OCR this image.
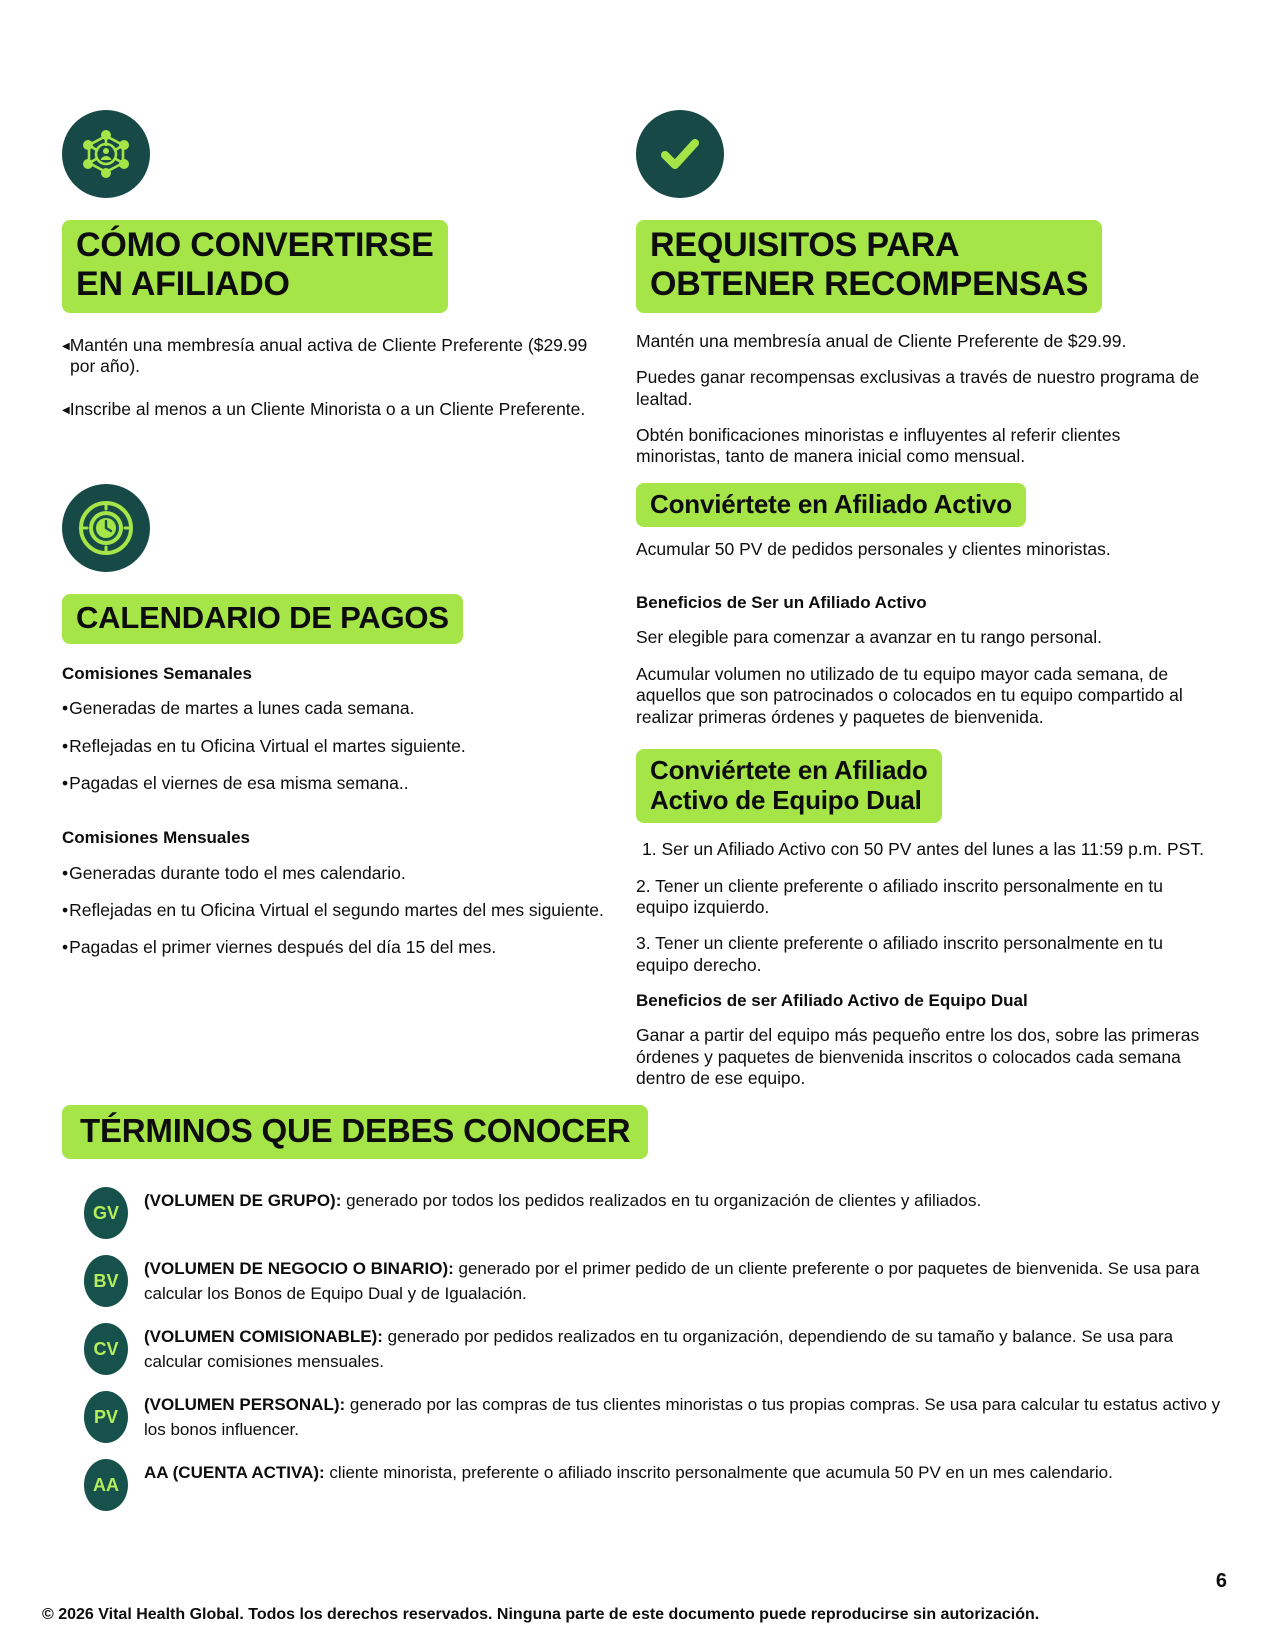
CÓMO CONVERTIRSE
EN AFILIADO
◀ Mantén una membresía anual activa de Cliente Preferente ($29.99 por año).
◀ Inscribe al menos a un Cliente Minorista o a un Cliente Preferente.
CALENDARIO DE PAGOS
Comisiones Semanales
• Generadas de martes a lunes cada semana.
• Reflejadas en tu Oficina Virtual el martes siguiente.
• Pagadas el viernes de esa misma semana..
Comisiones Mensuales
• Generadas durante todo el mes calendario.
• Reflejadas en tu Oficina Virtual el segundo martes del mes siguiente.
• Pagadas el primer viernes después del día 15 del mes.
REQUISITOS PARA
OBTENER RECOMPENSAS
Mantén una membresía anual de Cliente Preferente de $29.99.
Puedes ganar recompensas exclusivas a través de nuestro programa de lealtad.
Obtén bonificaciones minoristas e influyentes al referir clientes minoristas, tanto de manera inicial como mensual.
Conviértete en Afiliado Activo
Acumular 50 PV de pedidos personales y clientes minoristas.
Beneficios de Ser un Afiliado Activo
Ser elegible para comenzar a avanzar en tu rango personal.
Acumular volumen no utilizado de tu equipo mayor cada semana, de aquellos que son patrocinados o colocados en tu equipo compartido al realizar primeras órdenes y paquetes de bienvenida.
Conviértete en Afiliado
Activo de Equipo Dual
1. Ser un Afiliado Activo con 50 PV antes del lunes a las 11:59 p.m. PST.
2. Tener un cliente preferente o afiliado inscrito personalmente en tu equipo izquierdo.
3. Tener un cliente preferente o afiliado inscrito personalmente en tu equipo derecho.
Beneficios de ser Afiliado Activo de Equipo Dual
Ganar a partir del equipo más pequeño entre los dos, sobre las primeras órdenes y paquetes de bienvenida inscritos o colocados cada semana dentro de ese equipo.
TÉRMINOS QUE DEBES CONOCER
GV
(VOLUMEN DE GRUPO): generado por todos los pedidos realizados en tu organización de clientes y afiliados.
BV
(VOLUMEN DE NEGOCIO O BINARIO): generado por el primer pedido de un cliente preferente o por paquetes de bienvenida. Se usa para calcular los Bonos de Equipo Dual y de Igualación.
CV
(VOLUMEN COMISIONABLE): generado por pedidos realizados en tu organización, dependiendo de su tamaño y balance. Se usa para calcular comisiones mensuales.
PV
(VOLUMEN PERSONAL): generado por las compras de tus clientes minoristas o tus propias compras. Se usa para calcular tu estatus activo y los bonos influencer.
AA
AA (CUENTA ACTIVA): cliente minorista, preferente o afiliado inscrito personalmente que acumula 50 PV en un mes calendario.
6
© 2026 Vital Health Global. Todos los derechos reservados. Ninguna parte de este documento puede reproducirse sin autorización.
